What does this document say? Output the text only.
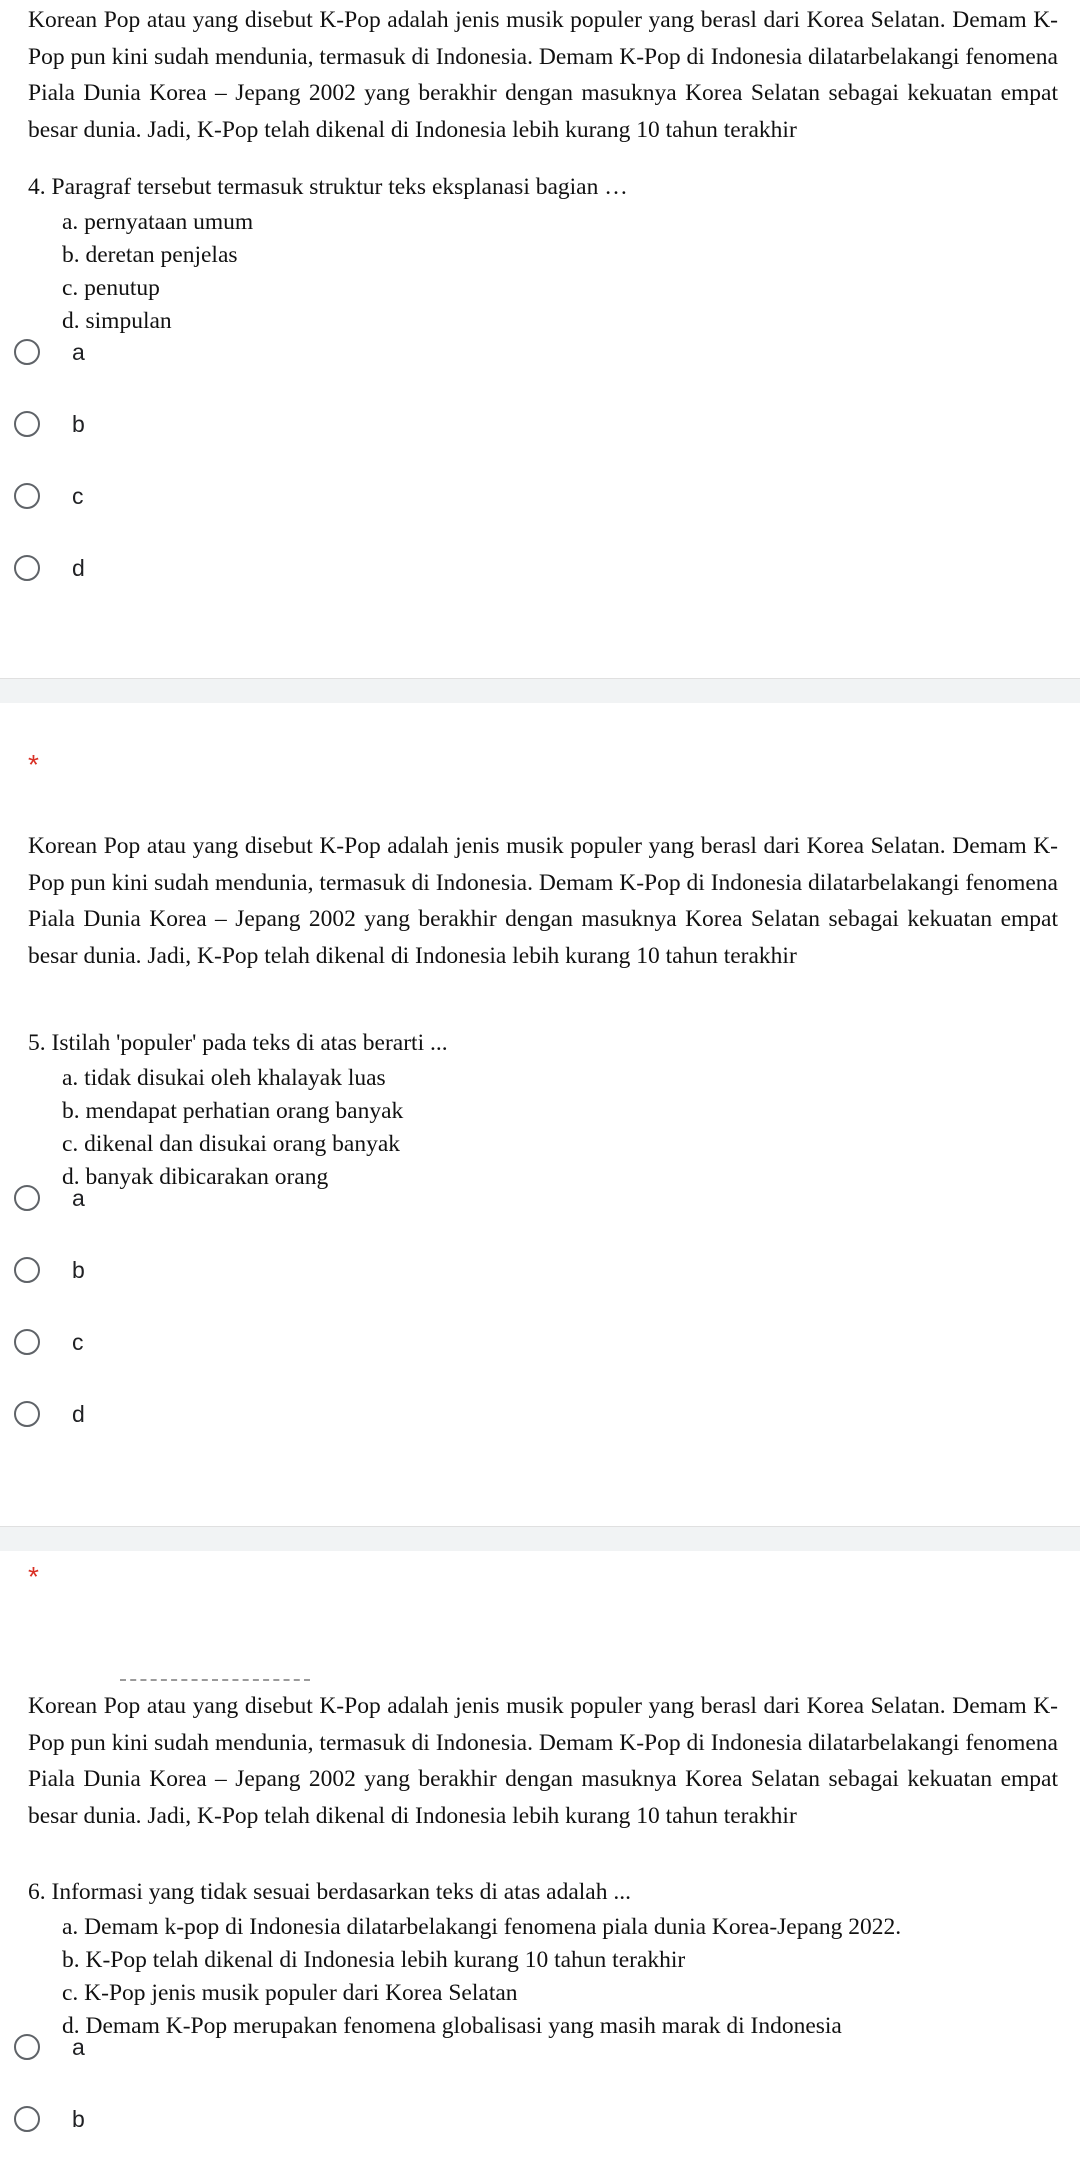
Korean Pop atau yang disebut K-Pop adalah jenis musik populer yang berasl dari Korea Selatan. Demam K-Pop pun kini sudah mendunia, termasuk di Indonesia. Demam K-Pop di Indonesia dilatarbelakangi fenomena Piala Dunia Korea – Jepang 2002 yang berakhir dengan masuknya Korea Selatan sebagai kekuatan empat besar dunia. Jadi, K-Pop telah dikenal di Indonesia lebih kurang 10 tahun terakhir

4. Paragraf tersebut termasuk struktur teks eksplanasi bagian …

a. pernyataan umum
b. deretan penjelas
c. penutup
d. simpulan
a
b
c
d
*

Korean Pop atau yang disebut K-Pop adalah jenis musik populer yang berasl dari Korea Selatan. Demam K-Pop pun kini sudah mendunia, termasuk di Indonesia. Demam K-Pop di Indonesia dilatarbelakangi fenomena Piala Dunia Korea – Jepang 2002 yang berakhir dengan masuknya Korea Selatan sebagai kekuatan empat besar dunia. Jadi, K-Pop telah dikenal di Indonesia lebih kurang 10 tahun terakhir

5. Istilah 'populer' pada teks di atas berarti ...

a. tidak disukai oleh khalayak luas
b. mendapat perhatian orang banyak
c. dikenal dan disukai orang banyak
d. banyak dibicarakan orang
a
b
c
d
*

Korean Pop atau yang disebut K-Pop adalah jenis musik populer yang berasl dari Korea Selatan. Demam K-Pop pun kini sudah mendunia, termasuk di Indonesia. Demam K-Pop di Indonesia dilatarbelakangi fenomena Piala Dunia Korea – Jepang 2002 yang berakhir dengan masuknya Korea Selatan sebagai kekuatan empat besar dunia. Jadi, K-Pop telah dikenal di Indonesia lebih kurang 10 tahun terakhir

6. Informasi yang tidak sesuai berdasarkan teks di atas adalah ...

a. Demam k-pop di Indonesia dilatarbelakangi fenomena piala dunia Korea-Jepang 2022.
b. K-Pop telah dikenal di Indonesia lebih kurang 10 tahun terakhir
c. K-Pop jenis musik populer dari Korea Selatan
d. Demam K-Pop merupakan fenomena globalisasi yang masih marak di Indonesia
a
b
